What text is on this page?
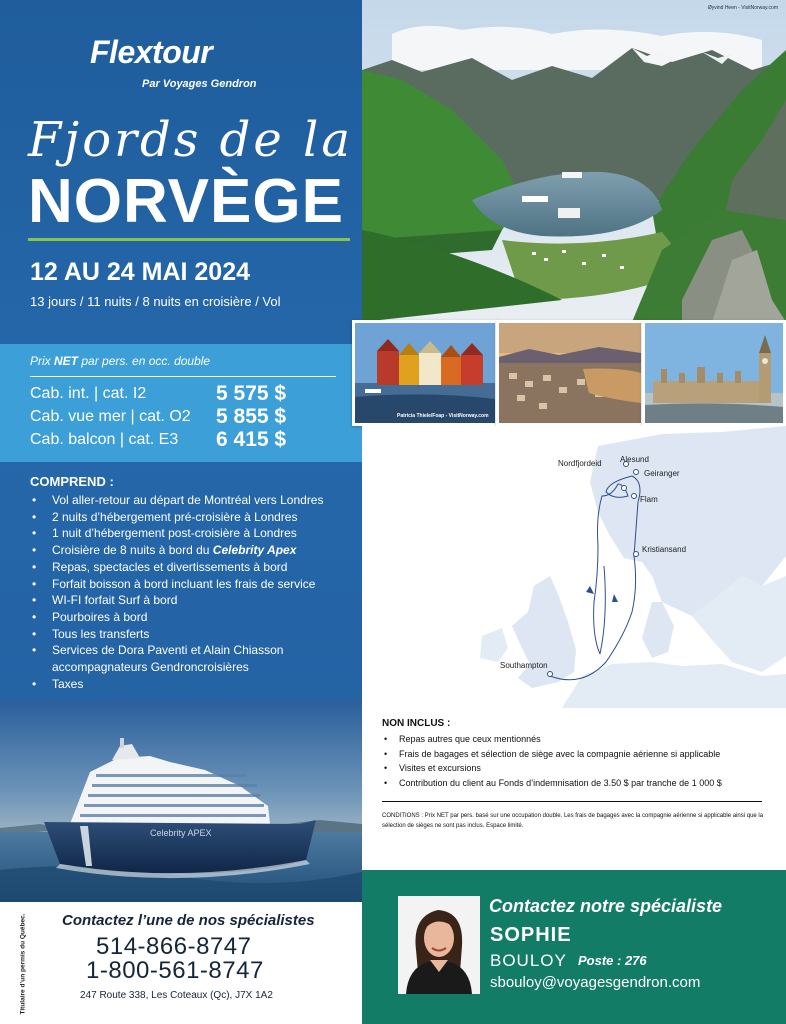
Flextour
Par Voyages Gendron
Fjords de la
NORVÈGE
12 AU 24 MAI 2024
13 jours / 11 nuits / 8 nuits en croisière / Vol
Prix NET par pers. en occ. double
Cab. int. | cat. I2	5 575 $
Cab. vue mer | cat. O2 5 855 $
Cab. balcon | cat. E3 6 415 $
COMPREND :
• Vol aller-retour au départ de Montréal vers Londres
• 2 nuits d’hébergement pré-croisière à Londres
• 1 nuit d’hébergement post-croisière à Londres
• Croisière de 8 nuits à bord du Celebrity Apex
• Repas, spectacles et divertissements à bord
• Forfait boisson à bord incluant les frais de service
• WI-FI forfait Surf à bord
• Pourboires à bord
• Tous les transferts
• Services de Dora Paventi et Alain Chiasson accompagnateurs Gendroncroisières
• Taxes
Celebrity APEX
Øyvind Heen - VisitNorway.com
Patricia Thiele/Foap - VisitNorway.com
Alesund
Nordfjordeid
Geiranger
Flam
Kristiansand
Southampton
NON INCLUS :
• Repas autres que ceux mentionnés
• Frais de bagages et sélection de siège avec la compagnie aérienne si applicable
• Visites et excursions
• Contribution du client au Fonds d’indemnisation de 3.50 $ par tranche de 1 000 $
CONDITIONS : Prix NET par pers. basé sur une occupation double. Les frais de bagages avec la compagnie aérienne si applicable ainsi que la sélection de sièges ne sont pas inclus. Espace limité.
Titulaire d’un permis du Québec. Contactez l’une de nos spécialistes
514-866-8747
1-800-561-8747
247 Route 338, Les Coteaux (Qc), J7X 1A2
Contactez notre spécialiste
SOPHIE
BOULOY Poste : 276
sbouloy@voyagesgendron.com
